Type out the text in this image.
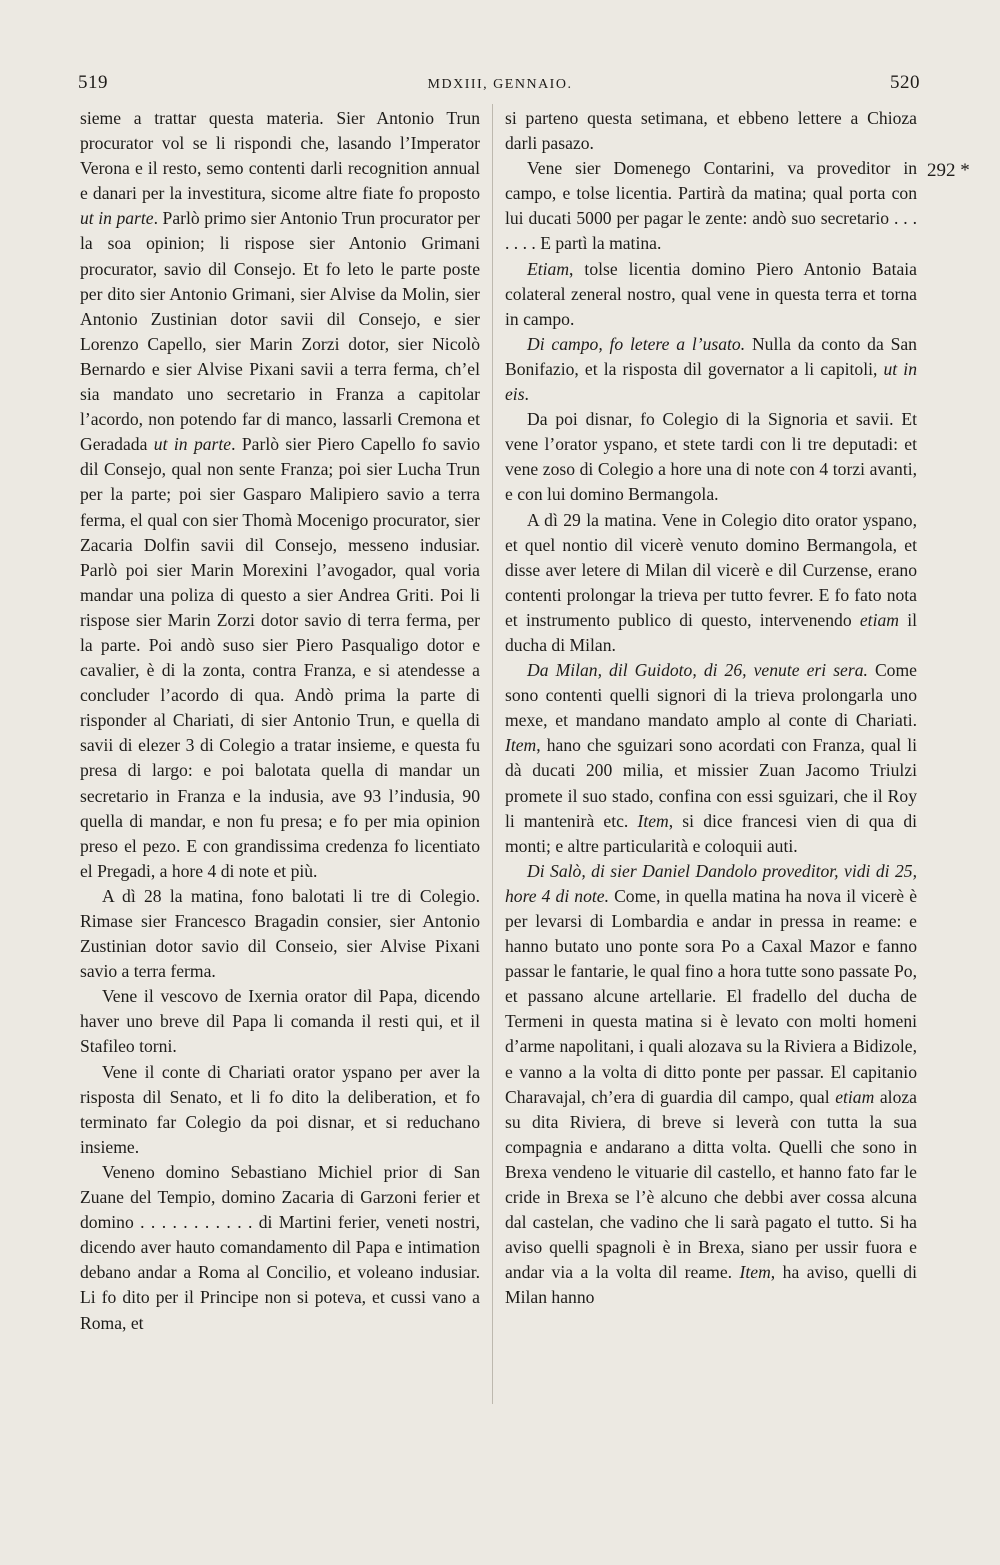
519	MDXIII, GENNAIO.	520

sieme a trattar questa materia. Sier Antonio Trun procurator vol se li rispondi che, lasando l’Imperator Verona e il resto, semo contenti darli recognition annual e danari per la investitura, sicome altre fiate fo proposto ut in parte. Parlò primo sier Antonio Trun procurator per la soa opinion; li rispose sier Antonio Grimani procurator, savio dil Consejo. Et fo leto le parte poste per dito sier Antonio Grimani, sier Alvise da Molin, sier Antonio Zustinian dotor savii dil Consejo, e sier Lorenzo Capello, sier Marin Zorzi dotor, sier Nicolò Bernardo e sier Alvise Pixani savii a terra ferma, ch’el sia mandato uno secretario in Franza a capitolar l’acordo, non potendo far di manco, lassarli Cremona et Geradada ut in parte. Parlò sier Piero Capello fo savio dil Consejo, qual non sente Franza; poi sier Lucha Trun per la parte; poi sier Gasparo Malipiero savio a terra ferma, el qual con sier Thomà Mocenigo procurator, sier Zacaria Dolfin savii dil Consejo, messeno indusiar. Parlò poi sier Marin Morexini l’avogador, qual voria mandar una poliza di questo a sier Andrea Griti. Poi li rispose sier Marin Zorzi dotor savio di terra ferma, per la parte. Poi andò suso sier Piero Pasqualigo dotor e cavalier, è di la zonta, contra Franza, e si atendesse a concluder l’acordo di qua. Andò prima la parte di risponder al Chariati, di sier Antonio Trun, e quella di savii di elezer 3 di Colegio a tratar insieme, e questa fu presa di largo: e poi balotata quella di mandar un secretario in Franza e la indusia, ave 93 l’indusia, 90 quella di mandar, e non fu presa; e fo per mia opinion preso el pezo. E con grandissima credenza fo licentiato el Pregadi, a hore 4 di note et più.

A dì 28 la matina, fono balotati li tre di Colegio. Rimase sier Francesco Bragadin consier, sier Antonio Zustinian dotor savio dil Conseio, sier Alvise Pixani savio a terra ferma.

Vene il vescovo de Ixernia orator dil Papa, dicendo haver uno breve dil Papa li comanda il resti qui, et il Stafileo torni.

Vene il conte di Chariati orator yspano per aver la risposta dil Senato, et li fo dito la deliberation, et fo terminato far Colegio da poi disnar, et si reduchano insieme.

Veneno domino Sebastiano Michiel prior di San Zuane del Tempio, domino Zacaria di Garzoni ferier et domino . . . . . . . . . . . di Martini ferier, veneti nostri, dicendo aver hauto comandamento dil Papa e intimation debano andar a Roma al Concilio, et voleano indusiar. Li fo dito per il Principe non si poteva, et cussi vano a Roma, et

si parteno questa setimana, et ebbeno lettere a Chioza darli pasazo.

Vene sier Domenego Contarini, va proveditor in campo, e tolse licentia. Partirà da matina; qual porta con lui ducati 5000 per pagar le zente: andò suo secretario . . . . . . . E partì la matina.

Etiam, tolse licentia domino Piero Antonio Bataia colateral zeneral nostro, qual vene in questa terra et torna in campo.

Di campo, fo letere a l’usato. Nulla da conto da San Bonifazio, et la risposta dil governator a li capitoli, ut in eis.

Da poi disnar, fo Colegio di la Signoria et savii. Et vene l’orator yspano, et stete tardi con li tre deputadi: et vene zoso di Colegio a hore una di note con 4 torzi avanti, e con lui domino Bermangola.

A dì 29 la matina. Vene in Colegio dito orator yspano, et quel nontio dil vicerè venuto domino Bermangola, et disse aver letere di Milan dil vicerè e dil Curzense, erano contenti prolongar la trieva per tutto fevrer. E fo fato nota et instrumento publico di questo, intervenendo etiam il ducha di Milan.

Da Milan, dil Guidoto, di 26, venute eri sera. Come sono contenti quelli signori di la trieva prolongarla uno mexe, et mandano mandato amplo al conte di Chariati. Item, hano che sguizari sono acordati con Franza, qual li dà ducati 200 milia, et missier Zuan Jacomo Triulzi promete il suo stado, confina con essi sguizari, che il Roy li mantenirà etc. Item, si dice francesi vien di qua di monti; e altre particularità e coloquii auti.

Di Salò, di sier Daniel Dandolo proveditor, vidi di 25, hore 4 di note. Come, in quella matina ha nova il vicerè è per levarsi di Lombardia e andar in pressa in reame: e hanno butato uno ponte sora Po a Caxal Mazor e fanno passar le fantarie, le qual fino a hora tutte sono passate Po, et passano alcune artellarie. El fradello del ducha de Termeni in questa matina si è levato con molti homeni d’arme napolitani, i quali alozava su la Riviera a Bidizole, e vanno a la volta di ditto ponte per passar. El capitanio Charavajal, ch’era di guardia dil campo, qual etiam aloza su dita Riviera, di breve si leverà con tutta la sua compagnia e andarano a ditta volta. Quelli che sono in Brexa vendeno le vituarie dil castello, et hanno fato far le cride in Brexa se l’è alcuno che debbi aver cossa alcuna dal castelan, che vadino che li sarà pagato el tutto. Si ha aviso quelli spagnoli è in Brexa, siano per ussir fuora e andar via a la volta dil reame. Item, ha aviso, quelli di Milan hanno

292 *
